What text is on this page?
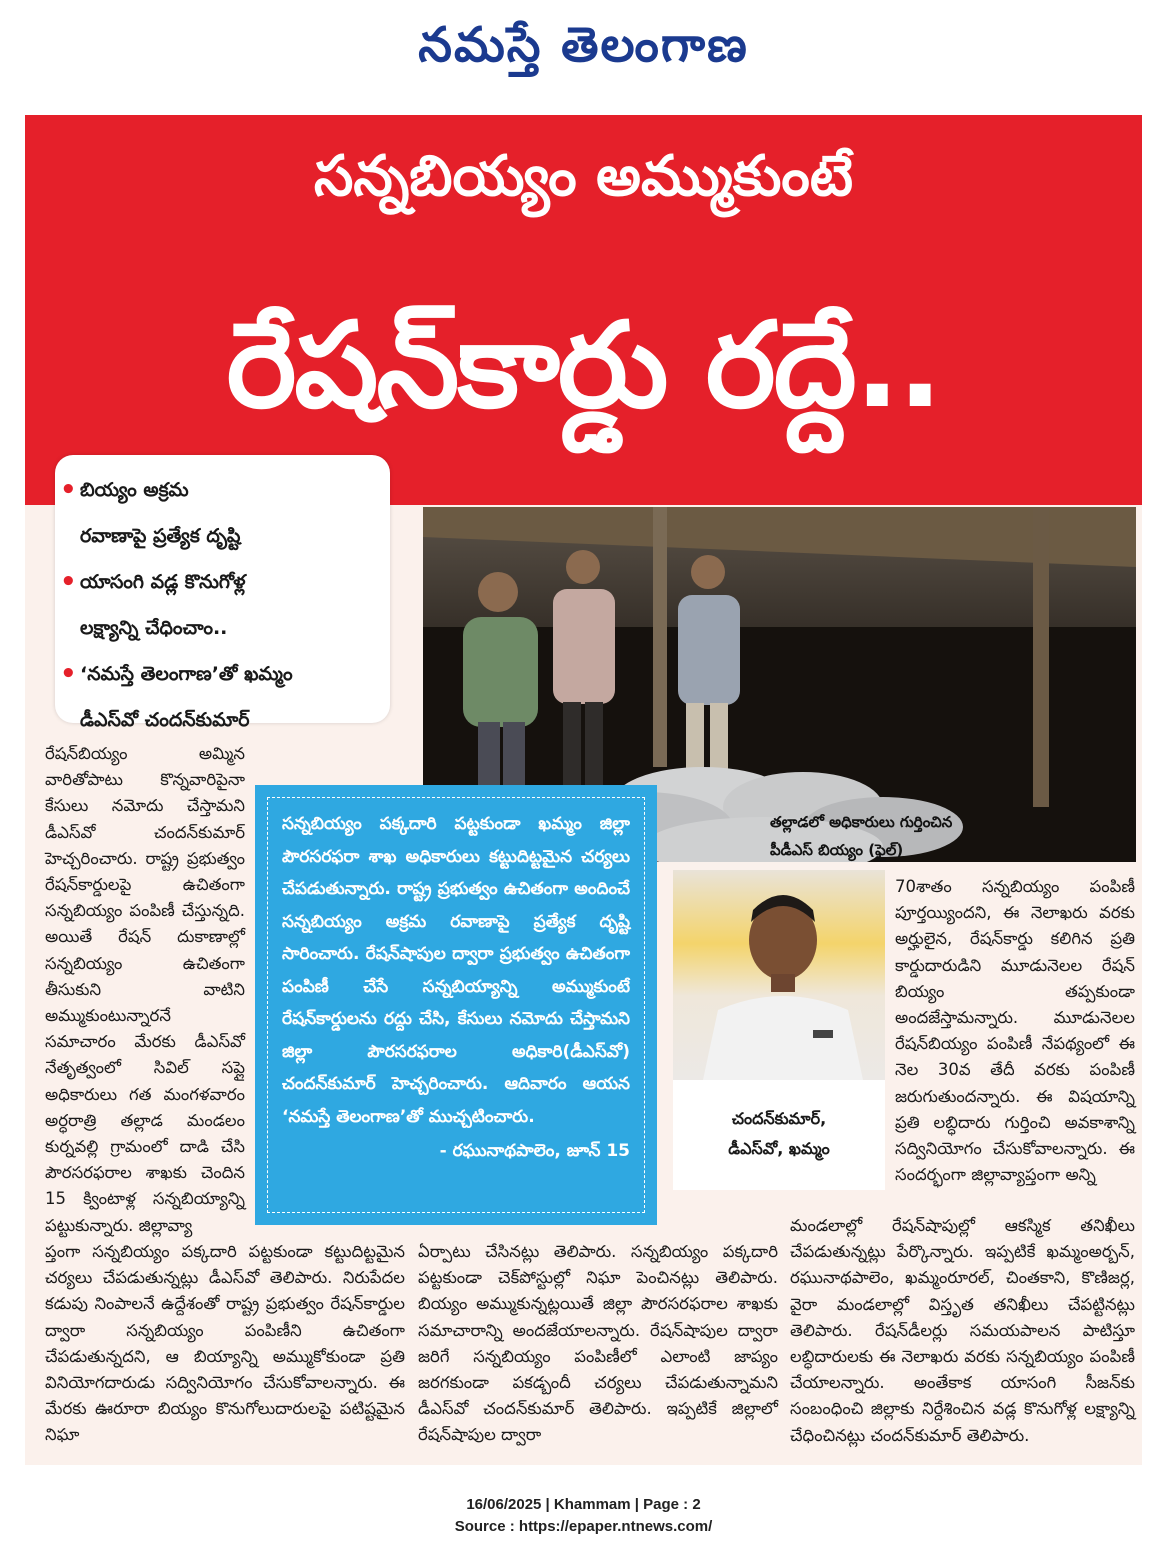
నమస్తే తెలంగాణ
సన్నబియ్యం అమ్ముకుంటే
రేషన్‌కార్డు రద్దే..
• బియ్యం అక్రమ
రవాణాపై ప్రత్యేక దృష్టి
• యాసంగి వడ్ల కొనుగోళ్ల
లక్ష్యాన్ని చేధించాం..
• ‘నమస్తే తెలంగాణ’తో ఖమ్మం
డీఎస్‌వో చందన్‌కుమార్
తల్లాడలో అధికారులు గుర్తించిన
పీడీఎస్ బియ్యం (ఫైల్)

రేషన్‌బియ్యం అమ్మిన వారితోపాటు కొన్నవారిపైనా కేసులు నమోదు చేస్తామని డీఎస్‌వో చందన్‌కుమార్ హెచ్చరించారు. రాష్ట్ర ప్రభుత్వం రేషన్‌కార్డులపై ఉచితంగా సన్నబియ్యం పంపిణీ చేస్తున్నది. అయితే రేషన్ దుకాణాల్లో సన్నబియ్యం ఉచితంగా తీసుకుని వాటిని అమ్ముకుంటున్నారనే సమాచారం మేరకు డీఎస్‌వో నేతృత్వంలో సివిల్ సప్లై అధికారులు గత మంగళవారం అర్ధరాత్రి తల్లాడ మండలం కుర్నవల్లి గ్రామంలో దాడి చేసి పౌరసరఫరాల శాఖకు చెందిన 15 క్వింటాళ్ల సన్నబియ్యాన్ని పట్టుకున్నారు. జిల్లావ్యా

ప్తంగా సన్నబియ్యం పక్కదారి పట్టకుండా కట్టుదిట్టమైన చర్యలు చేపడుతున్నట్లు డీఎస్‌వో తెలిపారు. నిరుపేదల కడుపు నింపాలనే ఉద్దేశంతో రాష్ట్ర ప్రభుత్వం రేషన్‌కార్డుల ద్వారా సన్నబియ్యం పంపిణీని ఉచితంగా చేపడుతున్నదని, ఆ బియ్యాన్ని అమ్ముకోకుండా ప్రతి వినియోగదారుడు సద్వినియోగం చేసుకోవాలన్నారు. ఈ మేరకు ఊరూరా బియ్యం కొనుగోలుదారులపై పటిష్టమైన నిఘా

సన్నబియ్యం పక్కదారి పట్టకుండా ఖమ్మం జిల్లా పౌరసరఫరా శాఖ అధికారులు కట్టుదిట్టమైన చర్యలు చేపడుతున్నారు. రాష్ట్ర ప్రభుత్వం ఉచితంగా అందించే సన్నబియ్యం అక్రమ రవాణాపై ప్రత్యేక దృష్టి సారించారు. రేషన్‌షాపుల ద్వారా ప్రభుత్వం ఉచితంగా పంపిణీ చేసే సన్నబియ్యాన్ని అమ్ముకుంటే రేషన్‌కార్డులను రద్దు చేసి, కేసులు నమోదు చేస్తామని జిల్లా పౌరసరఫరాల అధికారి(డీఎస్‌వో) చందన్‌కుమార్ హెచ్చరించారు. ఆదివారం ఆయన ‘నమస్తే తెలంగాణ’తో ముచ్చటించారు.

- రఘునాథపాలెం, జూన్ 15

ఏర్పాటు చేసినట్లు తెలిపారు. సన్నబియ్యం పక్కదారి పట్టకుండా చెక్‌పోస్టుల్లో నిఘా పెంచినట్లు తెలిపారు. బియ్యం అమ్ముకున్నట్లయితే జిల్లా పౌరసరఫరాల శాఖకు సమాచారాన్ని అందజేయాలన్నారు. రేషన్‌షాపుల ద్వారా జరిగే సన్నబియ్యం పంపిణీలో ఎలాంటి జాప్యం జరగకుండా పకడ్బందీ చర్యలు చేపడుతున్నామని డీఎస్‌వో చందన్‌కుమార్ తెలిపారు. ఇప్పటికే జిల్లాలో రేషన్‌షాపుల ద్వారా

చందన్‌కుమార్,
డీఎస్‌వో, ఖమ్మం

70శాతం సన్నబియ్యం పంపిణీ పూర్తయ్యిందని, ఈ నెలాఖరు వరకు అర్హులైన, రేషన్‌కార్డు కలిగిన ప్రతి కార్డుదారుడిని మూడునెలల రేషన్ బియ్యం తప్పకుండా అందజేస్తామన్నారు. మూడునెలల రేషన్‌బియ్యం పంపిణీ నేపథ్యంలో ఈ నెల 30వ తేదీ వరకు పంపిణీ జరుగుతుందన్నారు. ఈ విషయాన్ని ప్రతి లబ్ధిదారు గుర్తించి అవకాశాన్ని సద్వినియోగం చేసుకోవాలన్నారు. ఈ సందర్భంగా జిల్లావ్యాప్తంగా అన్ని

మండలాల్లో రేషన్‌షాపుల్లో ఆకస్మిక తనిఖీలు చేపడుతున్నట్లు పేర్కొన్నారు. ఇప్పటికే ఖమ్మంఅర్బన్, రఘునాథపాలెం, ఖమ్మంరూరల్, చింతకాని, కొణిజర్ల, వైరా మండలాల్లో విస్తృత తనిఖీలు చేపట్టినట్లు తెలిపారు. రేషన్‌డీలర్లు సమయపాలన పాటిస్తూ లబ్ధిదారులకు ఈ నెలాఖరు వరకు సన్నబియ్యం పంపిణీ చేయాలన్నారు. అంతేకాక యాసంగి సీజన్‌కు సంబంధించి జిల్లాకు నిర్దేశించిన వడ్ల కొనుగోళ్ల లక్ష్యాన్ని చేధించినట్లు చందన్‌కుమార్ తెలిపారు.

16/06/2025 | Khammam | Page : 2
Source : https://epaper.ntnews.com/
